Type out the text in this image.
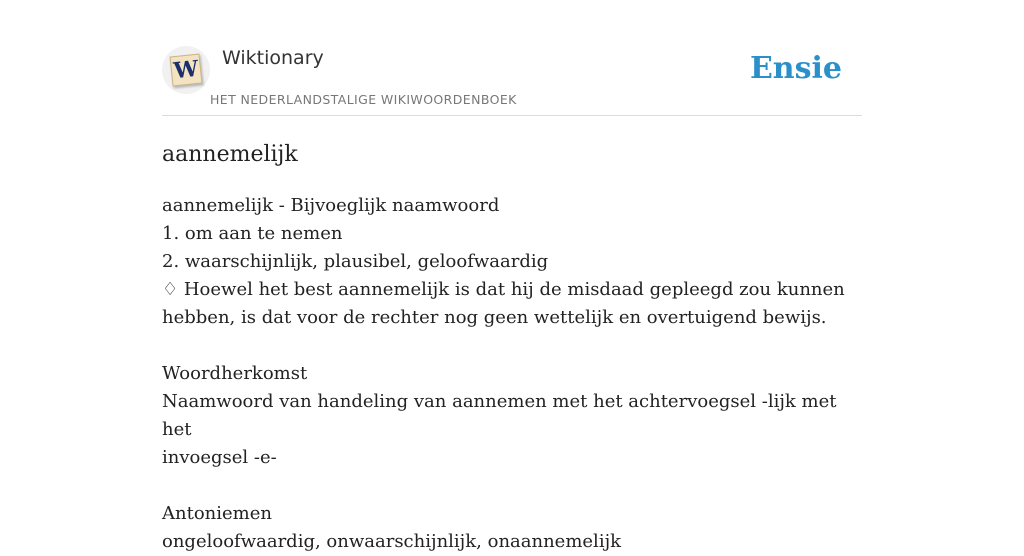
W Wiktionary
HET NEDERLANDSTALIGE WIKIWOORDENBOEK
Ensie
aannemelijk
aannemelijk - Bijvoeglijk naamwoord
1. om aan te nemen
2. waarschijnlijk, plausibel, geloofwaardig
♢ Hoewel het best aannemelijk is dat hij de misdaad gepleegd zou kunnen
hebben, is dat voor de rechter nog geen wettelijk en overtuigend bewijs.
Woordherkomst
Naamwoord van handeling van aannemen met het achtervoegsel -lijk met het
invoegsel -e-
Antoniemen
ongeloofwaardig, onwaarschijnlijk, onaannemelijk
